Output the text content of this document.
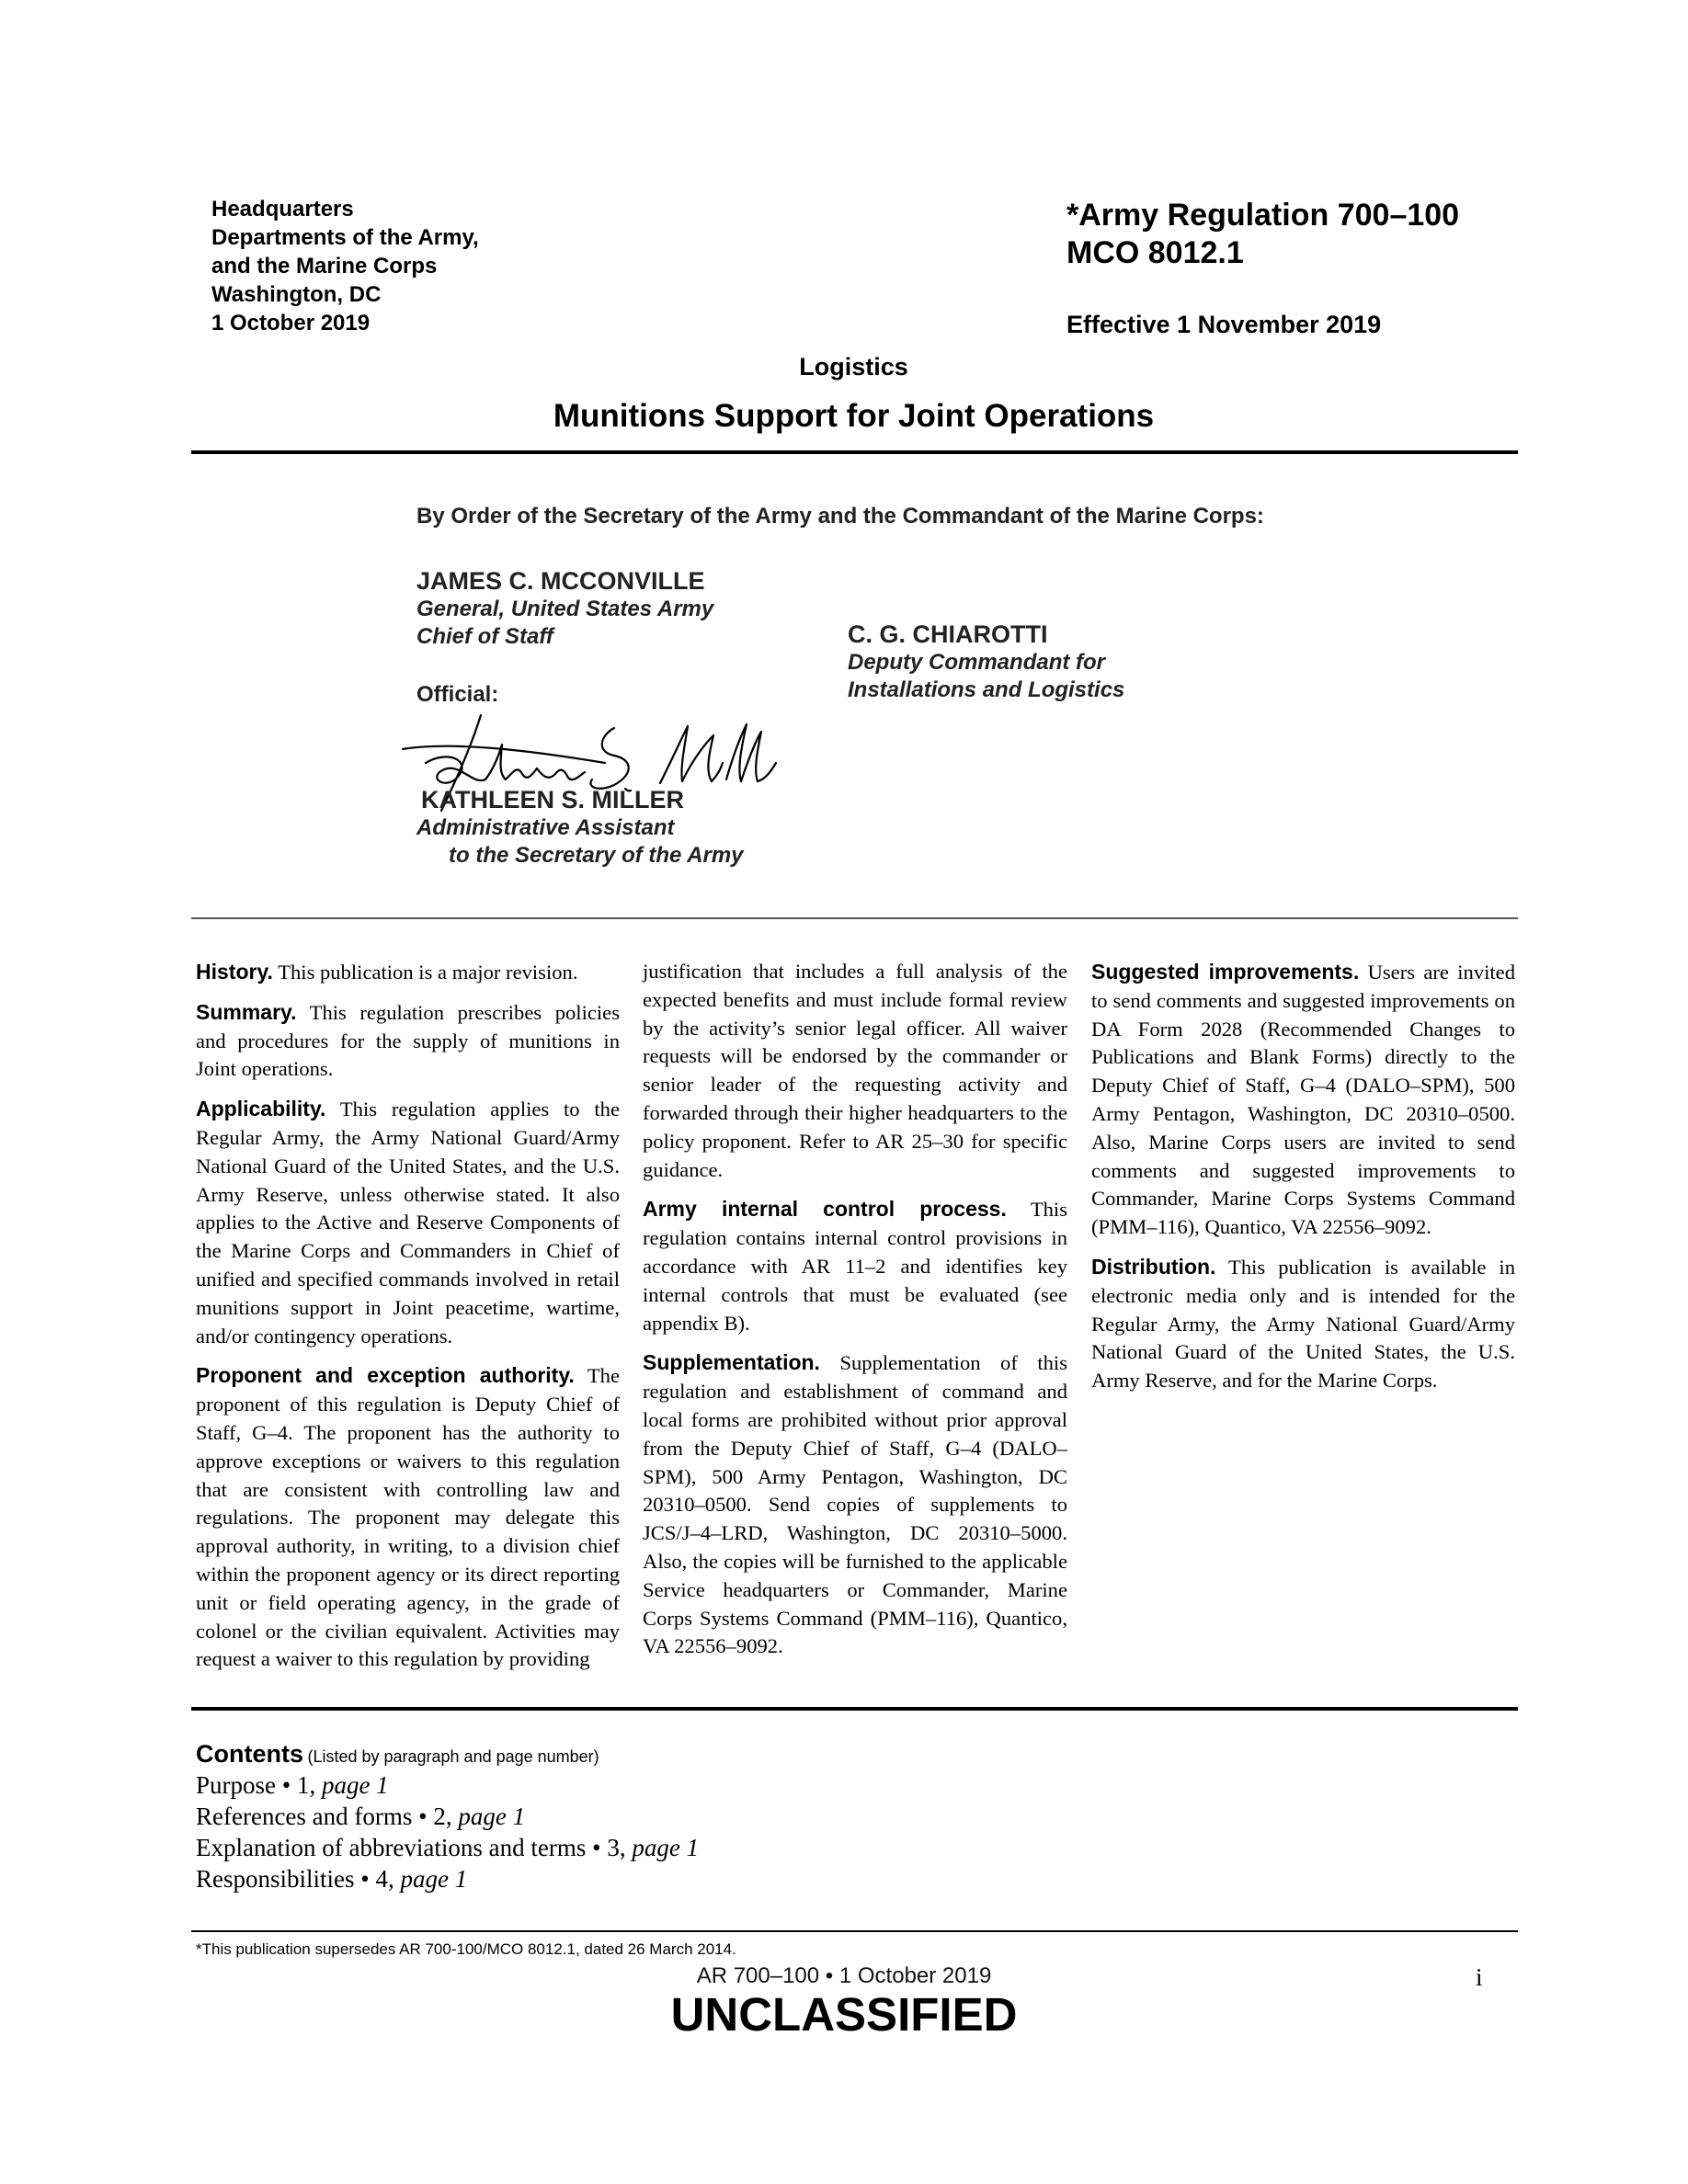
Headquarters
Departments of the Army,
and the Marine Corps
Washington, DC
1 October 2019
*Army Regulation 700–100
MCO 8012.1
Effective 1 November 2019
Logistics
Munitions Support for Joint Operations
By Order of the Secretary of the Army and the Commandant of the Marine Corps:
JAMES C. MCCONVILLE
General, United States Army
Chief of Staff	C. G. CHIAROTTI
Deputy Commandant for
Installations and Logistics
Official:
KATHLEEN S. MILLER
Administrative Assistant
to the Secretary of the Army

History. This publication is a major revision.

Summary. This regulation prescribes policies and procedures for the supply of munitions in Joint operations.

Applicability. This regulation applies to the Regular Army, the Army National Guard/Army National Guard of the United States, and the U.S. Army Reserve, unless otherwise stated. It also applies to the Active and Reserve Components of the Marine Corps and Commanders in Chief of unified and specified commands involved in retail munitions support in Joint peacetime, wartime, and/or contingency operations.

Proponent and exception authority. The proponent of this regulation is Deputy Chief of Staff, G–4. The proponent has the authority to approve exceptions or waivers to this regulation that are consistent with controlling law and regulations. The proponent may delegate this approval authority, in writing, to a division chief within the proponent agency or its direct reporting unit or field operating agency, in the grade of colonel or the civilian equivalent. Activities may request a waiver to this regulation by providing

justification that includes a full analysis of the expected benefits and must include formal review by the activity’s senior legal officer. All waiver requests will be endorsed by the commander or senior leader of the requesting activity and forwarded through their higher headquarters to the policy proponent. Refer to AR 25–30 for specific guidance.

Army internal control process. This regulation contains internal control provisions in accordance with AR 11–2 and identifies key internal controls that must be evaluated (see appendix B).

Supplementation. Supplementation of this regulation and establishment of command and local forms are prohibited without prior approval from the Deputy Chief of Staff, G–4 (DALO–SPM), 500 Army Pentagon, Washington, DC 20310–0500. Send copies of supplements to JCS/J–4–LRD, Washington, DC 20310–5000. Also, the copies will be furnished to the applicable Service headquarters or Commander, Marine Corps Systems Command (PMM–116), Quantico, VA 22556–9092.

Suggested improvements. Users are invited to send comments and suggested improvements on DA Form 2028 (Recommended Changes to Publications and Blank Forms) directly to the Deputy Chief of Staff, G–4 (DALO–SPM), 500 Army Pentagon, Washington, DC 20310–0500. Also, Marine Corps users are invited to send comments and suggested improvements to Commander, Marine Corps Systems Command (PMM–116), Quantico, VA 22556–9092.

Distribution. This publication is available in electronic media only and is intended for the Regular Army, the Army National Guard/Army National Guard of the United States, the U.S. Army Reserve, and for the Marine Corps.

Contents (Listed by paragraph and page number)
Purpose • 1, page 1
References and forms • 2, page 1
Explanation of abbreviations and terms • 3, page 1
Responsibilities • 4, page 1
*This publication supersedes AR 700-100/MCO 8012.1, dated 26 March 2014.
AR 700–100 • 1 October 2019	i
UNCLASSIFIED
